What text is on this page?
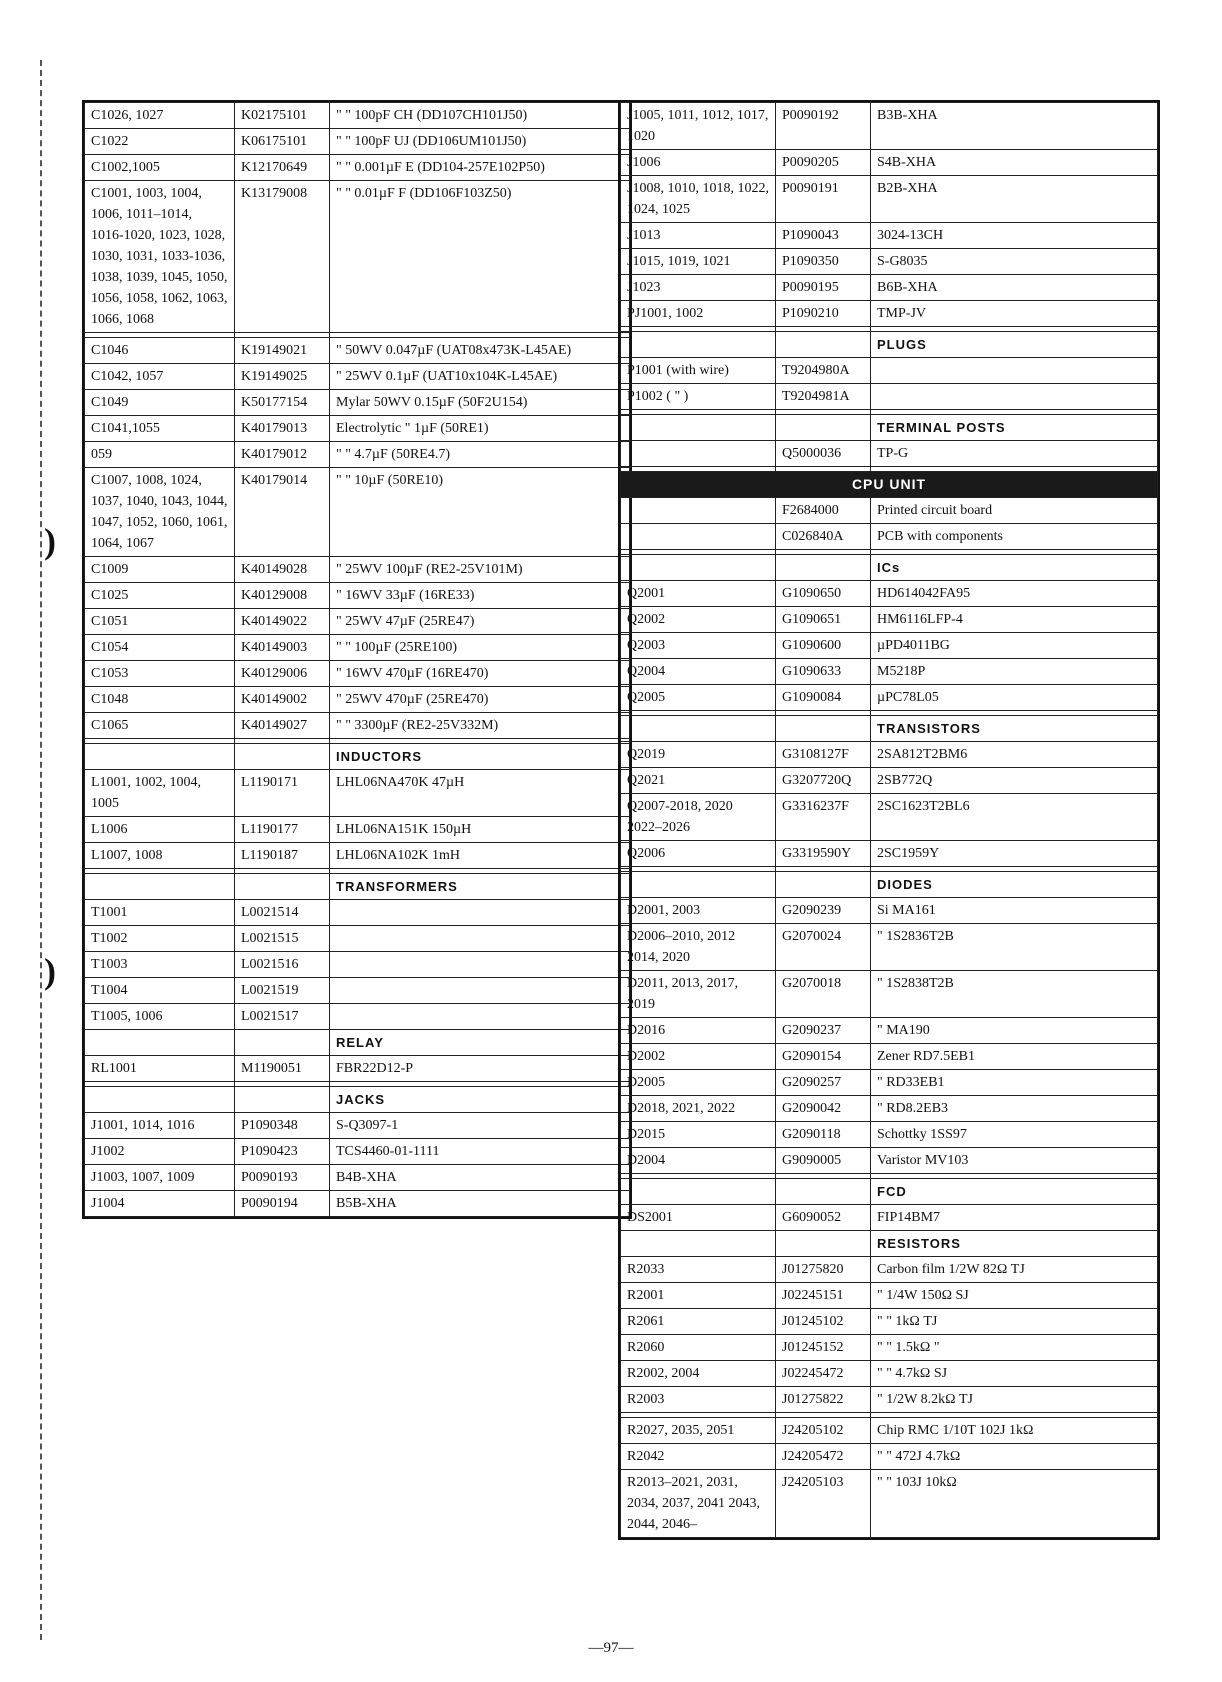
)
)
C1026, 1027	K02175101	" " 100pF CH (DD107CH101J50)
C1022	K06175101	" " 100pF UJ (DD106UM101J50)
C1002,1005	K12170649	" " 0.001µF E (DD104-257E102P50)
C1001, 1003, 1004, 1006, 1011–1014, 1016-1020, 1023, 1028, 1030, 1031, 1033-1036, 1038, 1039, 1045, 1050, 1056, 1058, 1062, 1063, 1066, 1068	K13179008	" " 0.01µF F (DD106F103Z50)

C1046	K19149021	" 50WV 0.047µF (UAT08x473K-L45AE)
C1042, 1057	K19149025	" 25WV 0.1µF (UAT10x104K-L45AE)
C1049	K50177154	Mylar 50WV 0.15µF (50F2U154)
C1041,1055	K40179013	Electrolytic " 1µF (50RE1)
059	K40179012	" " 4.7µF (50RE4.7)
C1007, 1008, 1024, 1037, 1040, 1043, 1044, 1047, 1052, 1060, 1061, 1064, 1067	K40179014	" " 10µF (50RE10)
C1009	K40149028	" 25WV 100µF (RE2-25V101M)
C1025	K40129008	" 16WV 33µF (16RE33)
C1051	K40149022	" 25WV 47µF (25RE47)
C1054	K40149003	" " 100µF (25RE100)
C1053	K40129006	" 16WV 470µF (16RE470)
C1048	K40149002	" 25WV 470µF (25RE470)
C1065	K40149027	" " 3300µF (RE2-25V332M)

		INDUCTORS
L1001, 1002, 1004, 1005	L1190171	LHL06NA470K 47µH
L1006	L1190177	LHL06NA151K 150µH
L1007, 1008	L1190187	LHL06NA102K 1mH

		TRANSFORMERS
T1001	L0021514	
T1002	L0021515	
T1003	L0021516	
T1004	L0021519	
T1005, 1006	L0021517	
		RELAY
RL1001	M1190051	FBR22D12-P

		JACKS
J1001, 1014, 1016	P1090348	S-Q3097-1
J1002	P1090423	TCS4460-01-1111
J1003, 1007, 1009	P0090193	B4B-XHA
J1004	P0090194	B5B-XHA
J1005, 1011, 1012, 1017, 1020	P0090192	B3B-XHA
J1006	P0090205	S4B-XHA
J1008, 1010, 1018, 1022, 1024, 1025	P0090191	B2B-XHA
J1013	P1090043	3024-13CH
J1015, 1019, 1021	P1090350	S-G8035
J1023	P0090195	B6B-XHA
PJ1001, 1002	P1090210	TMP-JV

		PLUGS
P1001 (with wire)	T9204980A	
P1002 ( " )	T9204981A	

		TERMINAL POSTS
	Q5000036	TP-G

CPU UNIT		
	F2684000	Printed circuit board
	C026840A	PCB with components

		ICs
Q2001	G1090650	HD614042FA95
Q2002	G1090651	HM6116LFP-4
Q2003	G1090600	µPD4011BG
Q2004	G1090633	M5218P
Q2005	G1090084	µPC78L05

		TRANSISTORS
Q2019	G3108127F	2SA812T2BM6
Q2021	G3207720Q	2SB772Q
Q2007-2018, 2020 2022–2026	G3316237F	2SC1623T2BL6
Q2006	G3319590Y	2SC1959Y

		DIODES
D2001, 2003	G2090239	Si MA161
D2006–2010, 2012 2014, 2020	G2070024	" 1S2836T2B
D2011, 2013, 2017, 2019	G2070018	" 1S2838T2B
D2016	G2090237	" MA190
D2002	G2090154	Zener RD7.5EB1
D2005	G2090257	" RD33EB1
D2018, 2021, 2022	G2090042	" RD8.2EB3
D2015	G2090118	Schottky 1SS97
D2004	G9090005	Varistor MV103

		FCD
DS2001	G6090052	FIP14BM7
		RESISTORS
R2033	J01275820	Carbon film 1/2W 82Ω TJ
R2001	J02245151	" 1/4W 150Ω SJ
R2061	J01245102	" " 1kΩ TJ
R2060	J01245152	" " 1.5kΩ "
R2002, 2004	J02245472	" " 4.7kΩ SJ
R2003	J01275822	" 1/2W 8.2kΩ TJ

R2027, 2035, 2051	J24205102	Chip RMC 1/10T 102J 1kΩ
R2042	J24205472	" " 472J 4.7kΩ
R2013–2021, 2031, 2034, 2037, 2041 2043, 2044, 2046–	J24205103	" " 103J 10kΩ
—97—
